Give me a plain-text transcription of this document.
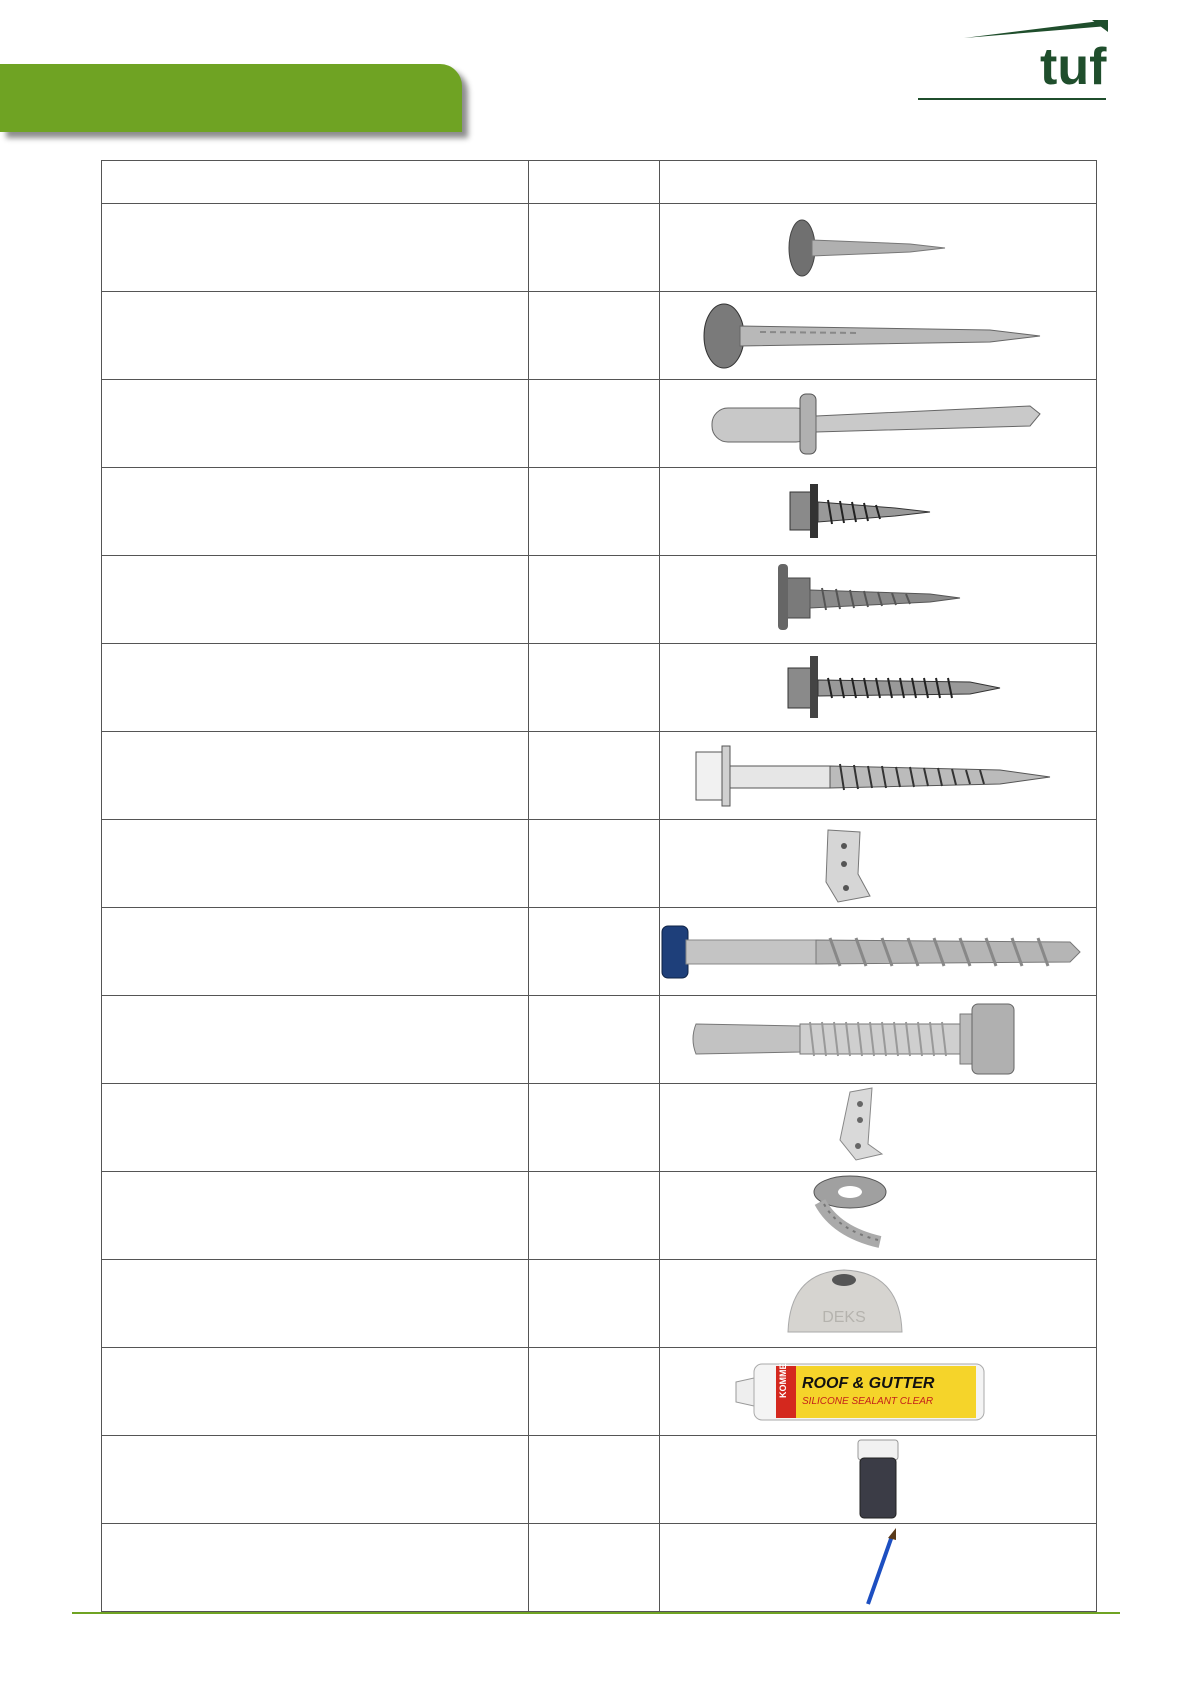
tuf

DEKS

KOMMECT ROOF & GUTTER
SILICONE SEALANT CLEAR
